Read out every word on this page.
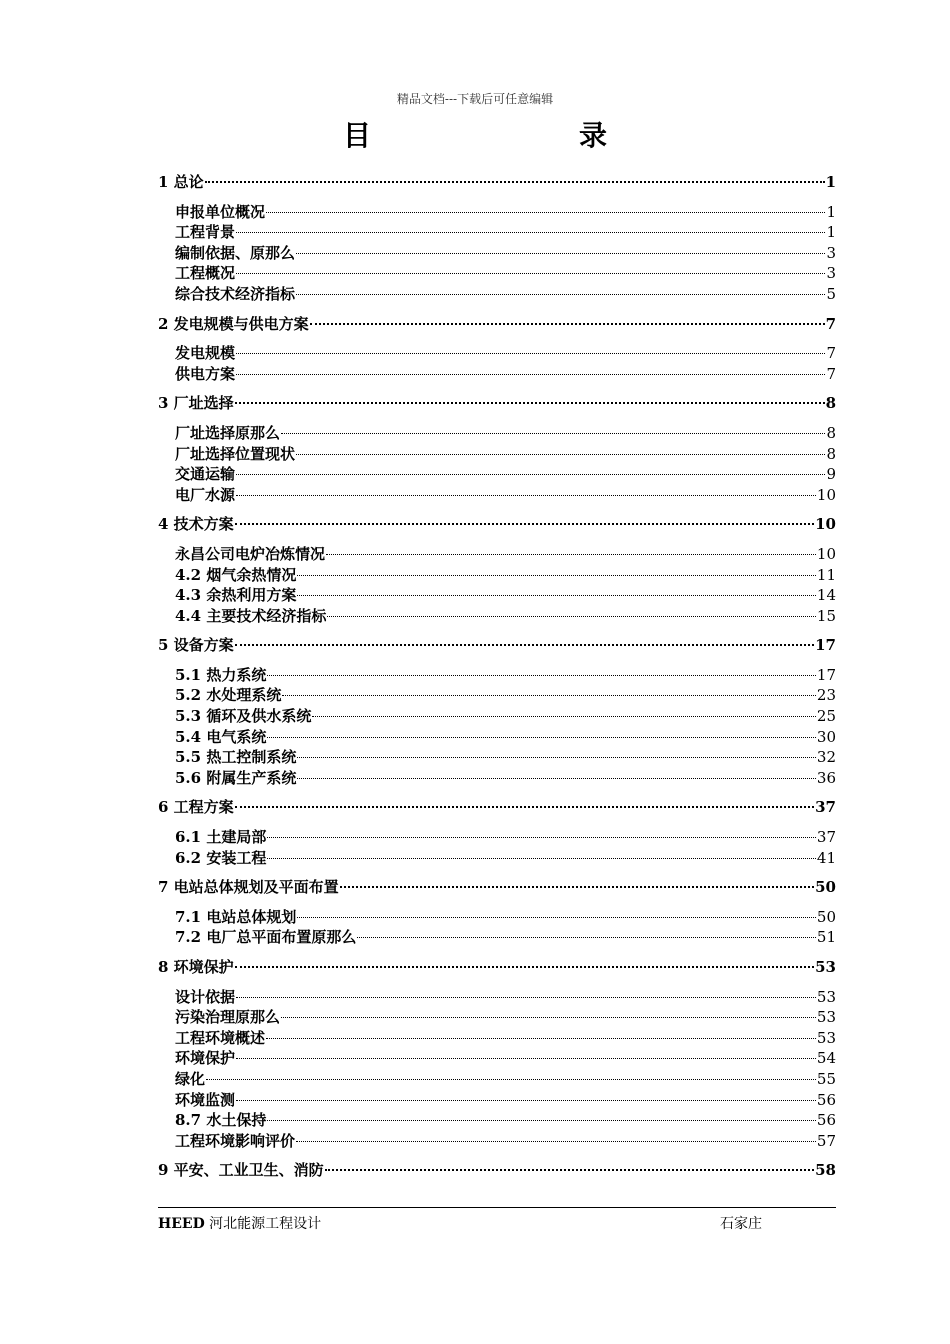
精品文档---下载后可任意编辑
目　录
1 总论	1
申报单位概况	1
工程背景	1
编制依据、原那么	3
工程概况	3
综合技术经济指标	5
2 发电规模与供电方案	7
发电规模	7
供电方案	7
3 厂址选择	8
厂址选择原那么	8
厂址选择位置现状	8
交通运输	9
电厂水源	10
4 技术方案	10
永昌公司电炉冶炼情况	10
4.2 烟气余热情况	11
4.3 余热利用方案	14
4.4 主要技术经济指标	15
5 设备方案	17
5.1 热力系统	17
5.2 水处理系统	23
5.3 循环及供水系统	25
5.4 电气系统	30
5.5 热工控制系统	32
5.6 附属生产系统	36
6 工程方案	37
6.1 土建局部	37
6.2 安装工程	41
7 电站总体规划及平面布置	50
7.1 电站总体规划	50
7.2 电厂总平面布置原那么	51
8 环境保护	53
设计依据	53
污染治理原那么	53
工程环境概述	53
环境保护	54
绿化	55
环境监测	56
8.7 水土保持	56
工程环境影响评价	57
9 平安、工业卫生、消防	58
HEED 河北能源工程设计	石家庄
